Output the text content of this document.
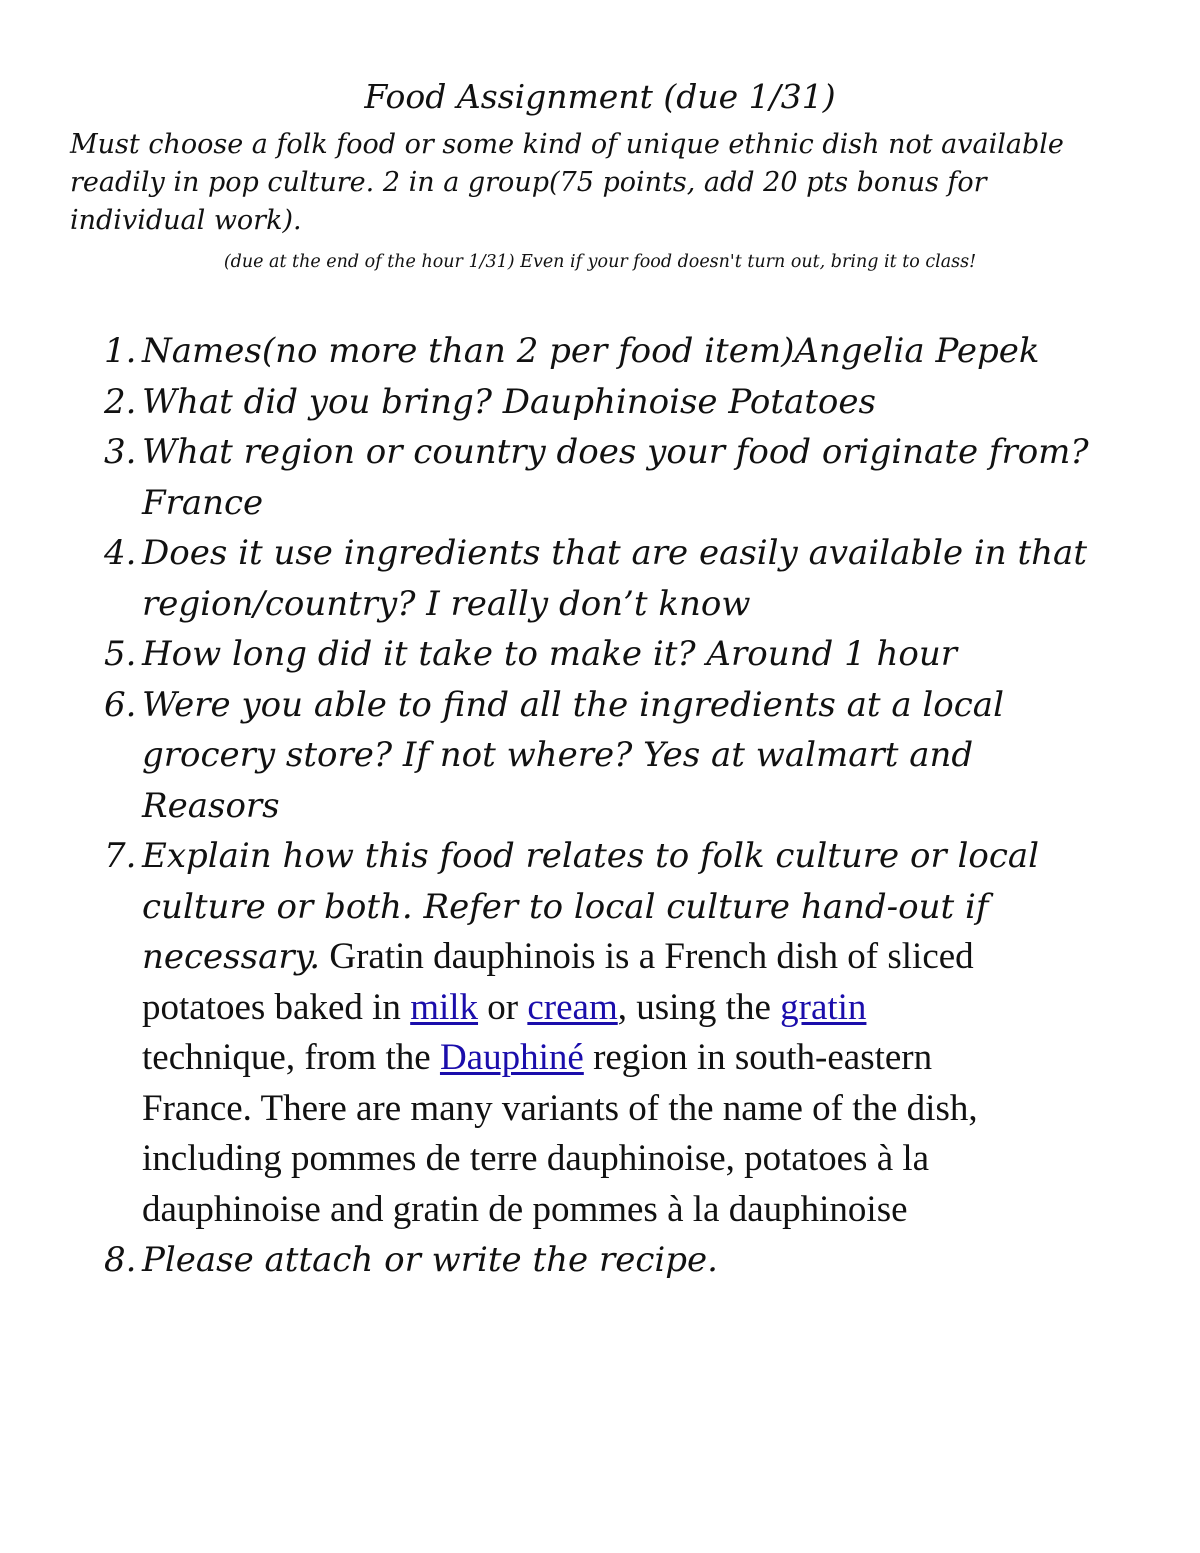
Food Assignment (due 1/31)
Must choose a folk food or some kind of unique ethnic dish not available
readily in pop culture. 2 in a group(75 points, add 20 pts bonus for
individual work).
(due at the end of the hour 1/31) Even if your food doesn't turn out, bring it to class!
1. Names(no more than 2 per food item)Angelia Pepek
2. What did you bring? Dauphinoise Potatoes
3. What region or country does your food originate from?
France
4. Does it use ingredients that are easily available in that
region/country? I really don’t know
5. How long did it take to make it? Around 1 hour
6. Were you able to find all the ingredients at a local
grocery store? If not where? Yes at walmart and
Reasors
7. Explain how this food relates to folk culture or local
culture or both. Refer to local culture hand-out if
necessary. Gratin dauphinois is a French dish of sliced
potatoes baked in milk or cream, using the gratin
technique, from the Dauphiné region in south-eastern
France. There are many variants of the name of the dish,
including pommes de terre dauphinoise, potatoes à la
dauphinoise and gratin de pommes à la dauphinoise
8. Please attach or write the recipe.
